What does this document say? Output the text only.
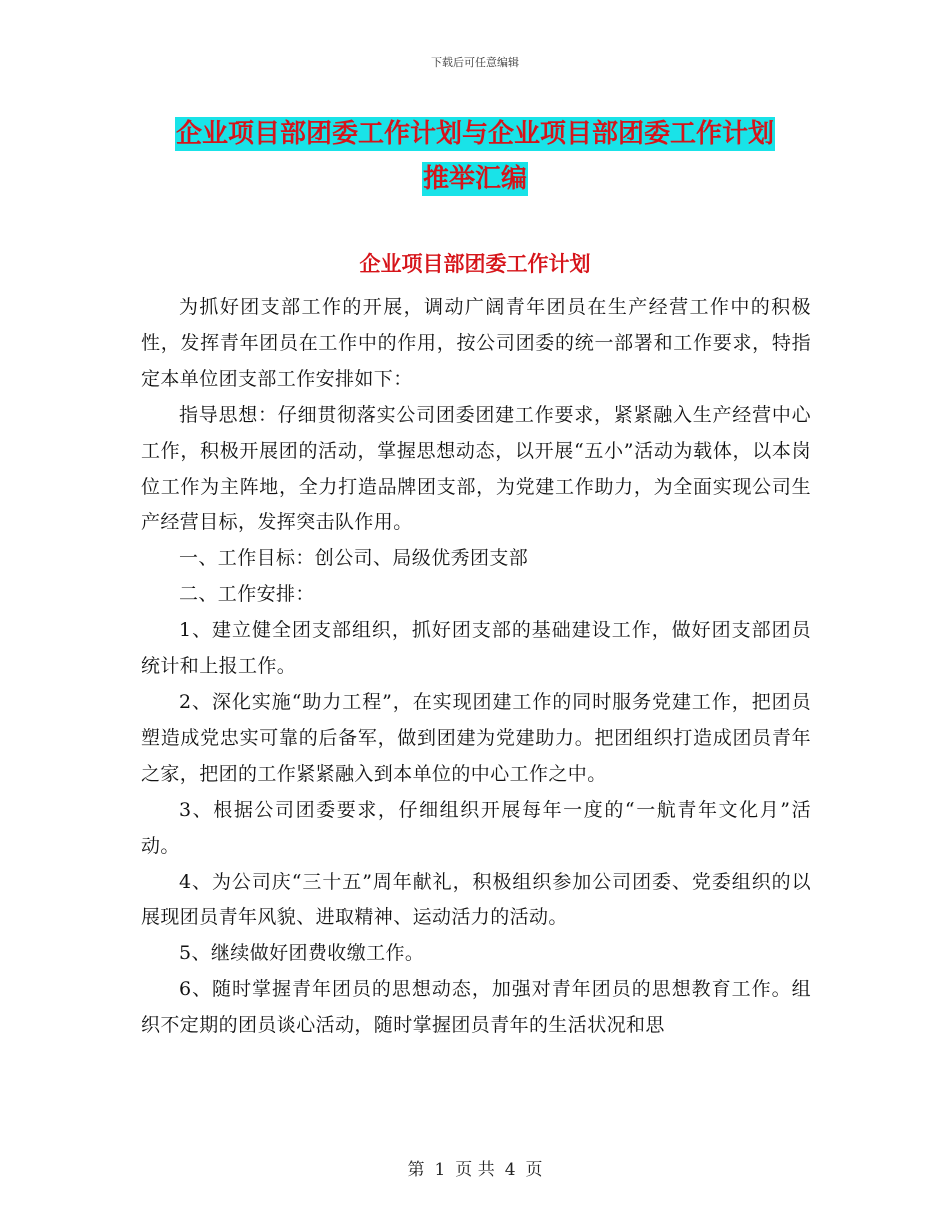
下载后可任意编辑
企业项目部团委工作计划与企业项目部团委工作计划
推举汇编
企业项目部团委工作计划

为抓好团支部工作的开展，调动广阔青年团员在生产经营工作中的积极性，发挥青年团员在工作中的作用，按公司团委的统一部署和工作要求，特指定本单位团支部工作安排如下：

指导思想：仔细贯彻落实公司团委团建工作要求，紧紧融入生产经营中心工作，积极开展团的活动，掌握思想动态，以开展“五小”活动为载体，以本岗位工作为主阵地，全力打造品牌团支部，为党建工作助力，为全面实现公司生产经营目标，发挥突击队作用。

一、工作目标：创公司、局级优秀团支部

二、工作安排：

1、建立健全团支部组织，抓好团支部的基础建设工作，做好团支部团员统计和上报工作。

2、深化实施“助力工程”，在实现团建工作的同时服务党建工作，把团员塑造成党忠实可靠的后备军，做到团建为党建助力。把团组织打造成团员青年之家，把团的工作紧紧融入到本单位的中心工作之中。

3、根据公司团委要求，仔细组织开展每年一度的“一航青年文化月”活动。

4、为公司庆“三十五”周年献礼，积极组织参加公司团委、党委组织的以展现团员青年风貌、进取精神、运动活力的活动。

5、继续做好团费收缴工作。

6、随时掌握青年团员的思想动态，加强对青年团员的思想教育工作。组织不定期的团员谈心活动，随时掌握团员青年的生活状况和思

第 1 页 共 4 页
